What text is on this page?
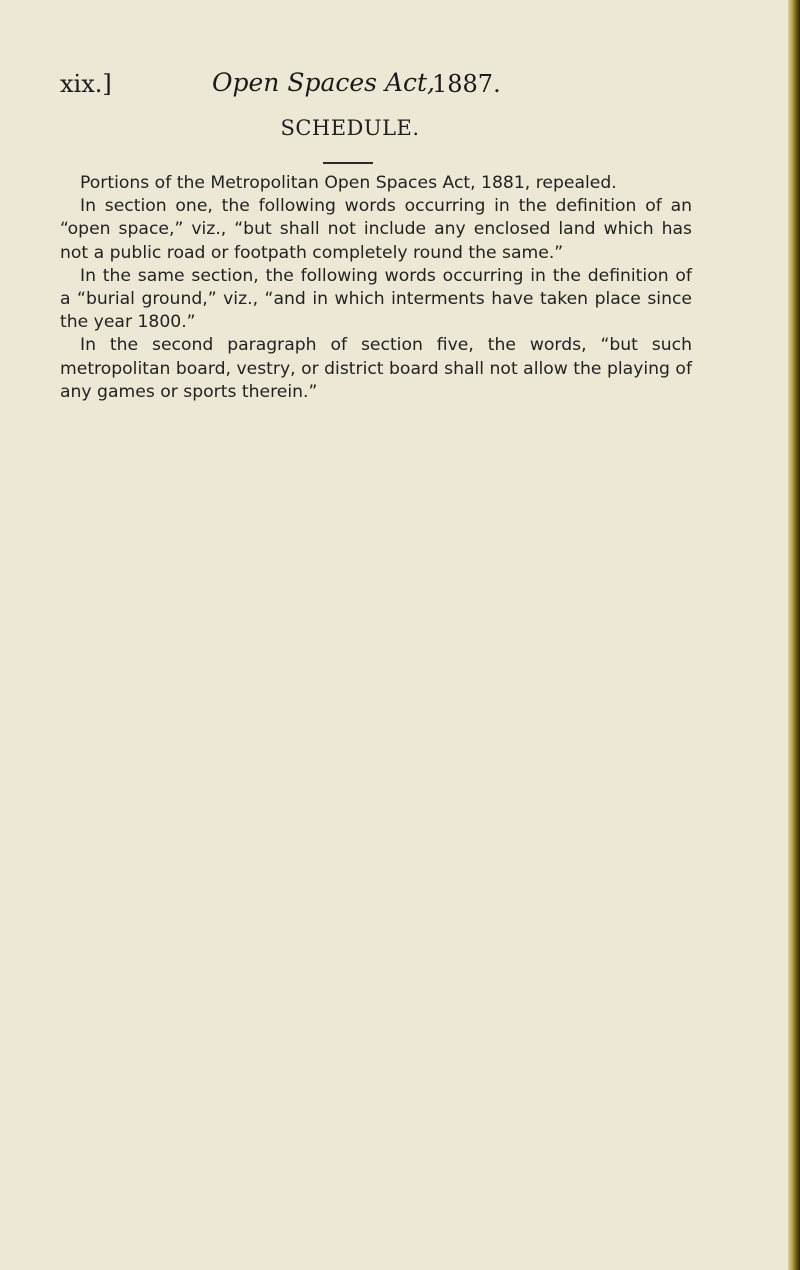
xix.]	Open Spaces Act,
1887.
SCHEDULE.

Portions of the Metropolitan Open Spaces Act, 1881, repealed.

In section one, the following words occurring in the definition of an “open space,” viz., “but shall not include any enclosed land which has not a public road or footpath completely round the same.”

In the same section, the following words occurring in the definition of a “burial ground,” viz., “and in which interments have taken place since the year 1800.”

In the second paragraph of section five, the words, “but such metropolitan board, vestry, or district board shall not allow the playing of any games or sports therein.”
